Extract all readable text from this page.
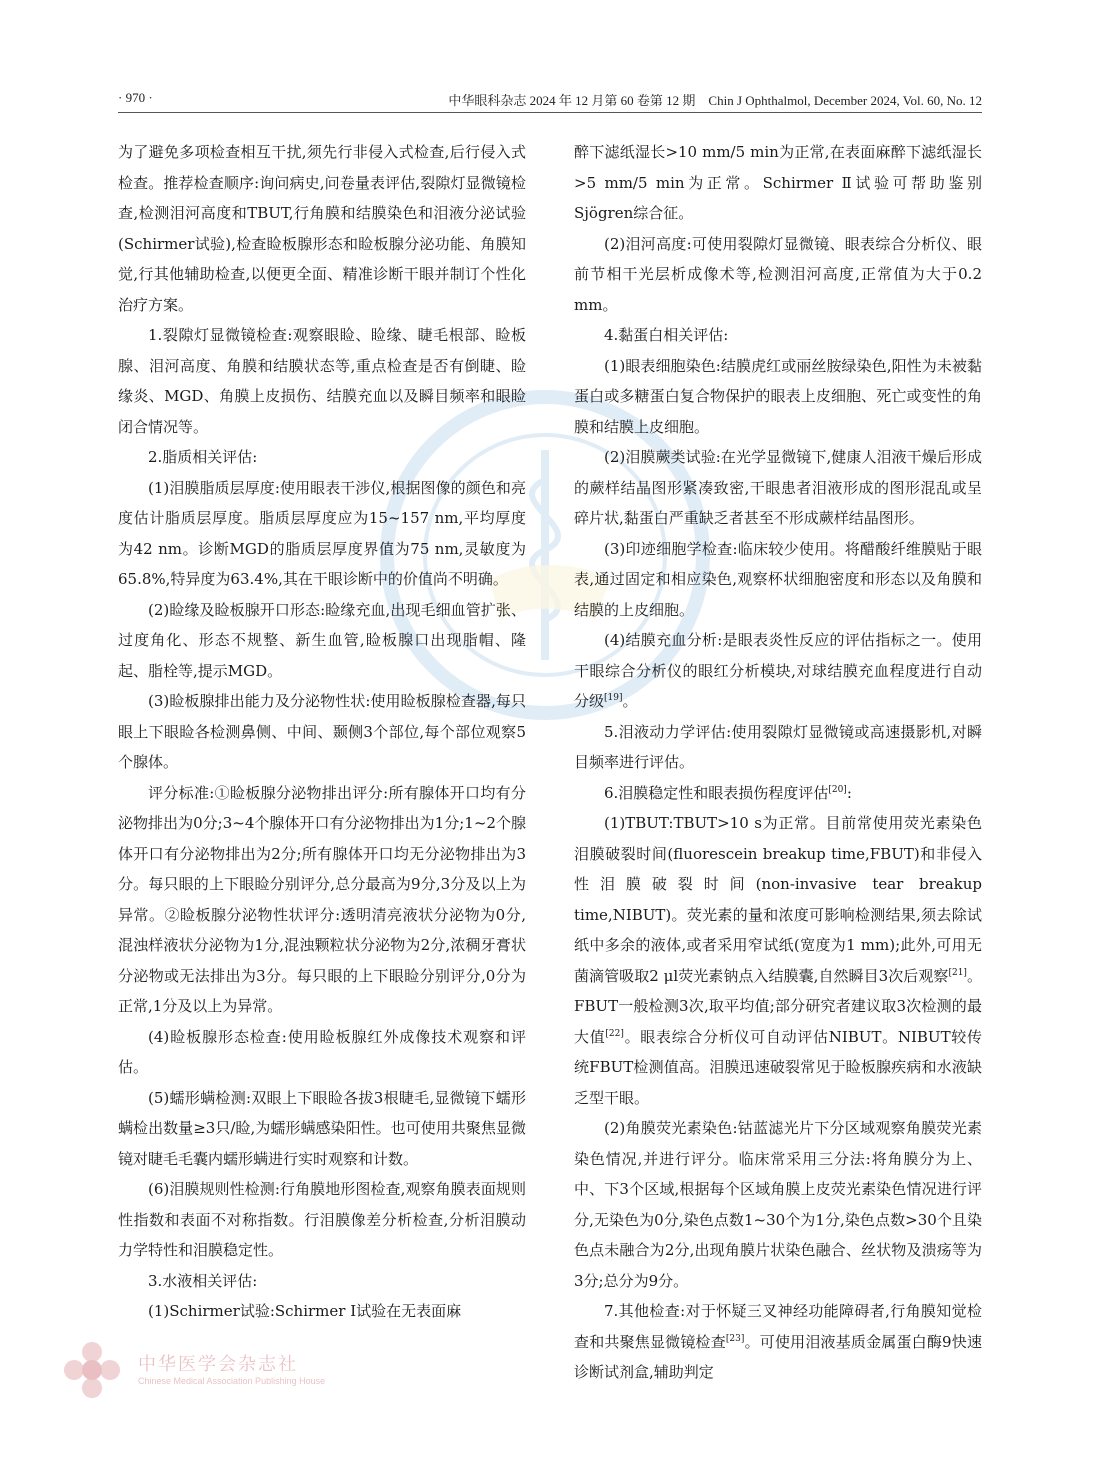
· 970 ·	中华眼科杂志 2024 年 12 月第 60 卷第 12 期　Chin J Ophthalmol, December 2024, Vol. 60, No. 12

为了避免多项检查相互干扰,须先行非侵入式检查,后行侵入式检查。推荐检查顺序:询问病史,问卷量表评估,裂隙灯显微镜检查,检测泪河高度和TBUT,行角膜和结膜染色和泪液分泌试验(Schirmer试验),检查睑板腺形态和睑板腺分泌功能、角膜知觉,行其他辅助检查,以便更全面、精准诊断干眼并制订个性化治疗方案。

1.裂隙灯显微镜检查:观察眼睑、睑缘、睫毛根部、睑板腺、泪河高度、角膜和结膜状态等,重点检查是否有倒睫、睑缘炎、MGD、角膜上皮损伤、结膜充血以及瞬目频率和眼睑闭合情况等。

2.脂质相关评估:

(1)泪膜脂质层厚度:使用眼表干涉仪,根据图像的颜色和亮度估计脂质层厚度。脂质层厚度应为15~157 nm,平均厚度为42 nm。诊断MGD的脂质层厚度界值为75 nm,灵敏度为65.8%,特异度为63.4%,其在干眼诊断中的价值尚不明确。

(2)睑缘及睑板腺开口形态:睑缘充血,出现毛细血管扩张、过度角化、形态不规整、新生血管,睑板腺口出现脂帽、隆起、脂栓等,提示MGD。

(3)睑板腺排出能力及分泌物性状:使用睑板腺检查器,每只眼上下眼睑各检测鼻侧、中间、颞侧3个部位,每个部位观察5个腺体。

评分标准:①睑板腺分泌物排出评分:所有腺体开口均有分泌物排出为0分;3~4个腺体开口有分泌物排出为1分;1~2个腺体开口有分泌物排出为2分;所有腺体开口均无分泌物排出为3分。每只眼的上下眼睑分别评分,总分最高为9分,3分及以上为异常。②睑板腺分泌物性状评分:透明清亮液状分泌物为0分,混浊样液状分泌物为1分,混浊颗粒状分泌物为2分,浓稠牙膏状分泌物或无法排出为3分。每只眼的上下眼睑分别评分,0分为正常,1分及以上为异常。

(4)睑板腺形态检查:使用睑板腺红外成像技术观察和评估。

(5)蠕形螨检测:双眼上下眼睑各拔3根睫毛,显微镜下蠕形螨检出数量≥3只/睑,为蠕形螨感染阳性。也可使用共聚焦显微镜对睫毛毛囊内蠕形螨进行实时观察和计数。

(6)泪膜规则性检测:行角膜地形图检查,观察角膜表面规则性指数和表面不对称指数。行泪膜像差分析检查,分析泪膜动力学特性和泪膜稳定性。

3.水液相关评估:

(1)Schirmer试验:Schirmer Ⅰ试验在无表面麻

醉下滤纸湿长>10 mm/5 min为正常,在表面麻醉下滤纸湿长>5 mm/5 min为正常。Schirmer Ⅱ试验可帮助鉴别Sjögren综合征。

(2)泪河高度:可使用裂隙灯显微镜、眼表综合分析仪、眼前节相干光层析成像术等,检测泪河高度,正常值为大于0.2 mm。

4.黏蛋白相关评估:

(1)眼表细胞染色:结膜虎红或丽丝胺绿染色,阳性为未被黏蛋白或多糖蛋白复合物保护的眼表上皮细胞、死亡或变性的角膜和结膜上皮细胞。

(2)泪膜蕨类试验:在光学显微镜下,健康人泪液干燥后形成的蕨样结晶图形紧凑致密,干眼患者泪液形成的图形混乱或呈碎片状,黏蛋白严重缺乏者甚至不形成蕨样结晶图形。

(3)印迹细胞学检查:临床较少使用。将醋酸纤维膜贴于眼表,通过固定和相应染色,观察杯状细胞密度和形态以及角膜和结膜的上皮细胞。

(4)结膜充血分析:是眼表炎性反应的评估指标之一。使用干眼综合分析仪的眼红分析模块,对球结膜充血程度进行自动分级[19]。

5.泪液动力学评估:使用裂隙灯显微镜或高速摄影机,对瞬目频率进行评估。

6.泪膜稳定性和眼表损伤程度评估[20]:

(1)TBUT:TBUT>10 s为正常。目前常使用荧光素染色泪膜破裂时间(fluorescein breakup time,FBUT)和非侵入性泪膜破裂时间(non-invasive tear breakup time,NIBUT)。荧光素的量和浓度可影响检测结果,须去除试纸中多余的液体,或者采用窄试纸(宽度为1 mm);此外,可用无菌滴管吸取2 μl荧光素钠点入结膜囊,自然瞬目3次后观察[21]。FBUT一般检测3次,取平均值;部分研究者建议取3次检测的最大值[22]。眼表综合分析仪可自动评估NIBUT。NIBUT较传统FBUT检测值高。泪膜迅速破裂常见于睑板腺疾病和水液缺乏型干眼。

(2)角膜荧光素染色:钴蓝滤光片下分区域观察角膜荧光素染色情况,并进行评分。临床常采用三分法:将角膜分为上、中、下3个区域,根据每个区域角膜上皮荧光素染色情况进行评分,无染色为0分,染色点数1~30个为1分,染色点数>30个且染色点未融合为2分,出现角膜片状染色融合、丝状物及溃疡等为3分;总分为9分。

7.其他检查:对于怀疑三叉神经功能障碍者,行角膜知觉检查和共聚焦显微镜检查[23]。可使用泪液基质金属蛋白酶9快速诊断试剂盒,辅助判定

中华医学会杂志社
Chinese Medical Association Publishing House
